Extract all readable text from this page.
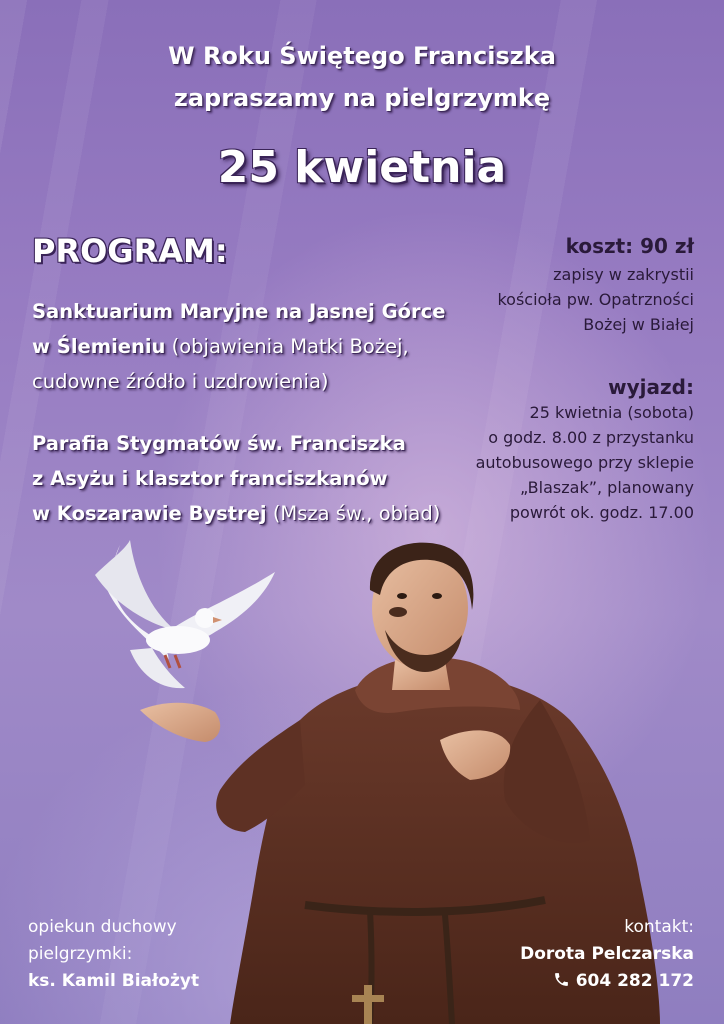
W Roku Świętego Franciszka
zapraszamy na pielgrzymkę
25 kwietnia
PROGRAM:
Sanktuarium Maryjne na Jasnej Górce
w Ślemieniu (objawienia Matki Bożej,
cudowne źródło i uzdrowienia)
Parafia Stygmatów św. Franciszka
z Asyżu i klasztor franciszkanów
w Koszarawie Bystrej (Msza św., obiad)
koszt: 90 zł
zapisy w zakrystii
kościoła pw. Opatrzności
Bożej w Białej
wyjazd:
25 kwietnia (sobota)
o godz. 8.00 z przystanku
autobusowego przy sklepie
„Blaszak”, planowany
powrót ok. godz. 17.00
opiekun duchowy
pielgrzymki:
ks. Kamil Białożyt
kontakt:
Dorota Pelczarska
604 282 172
